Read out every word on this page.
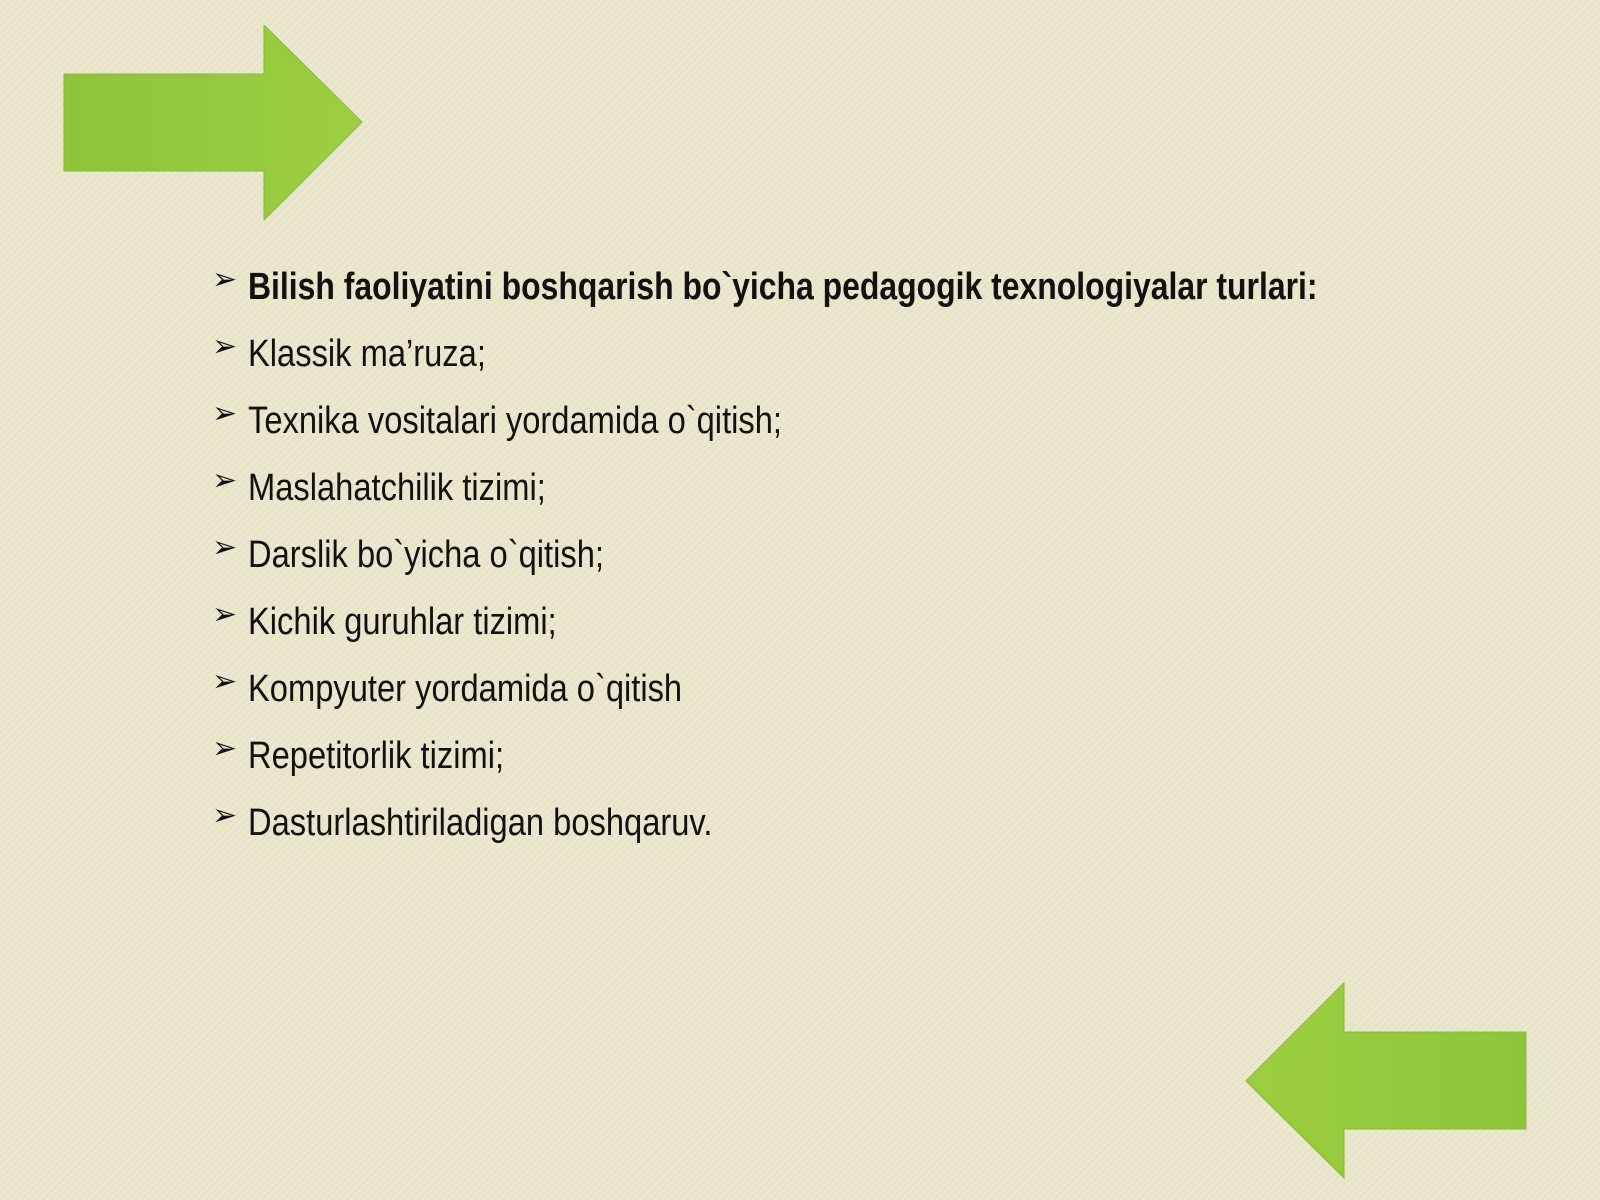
➢ Bilish faoliyatini boshqarish bo`yicha pedagogik texnologiyalar turlari:
➢ Klassik ma’ruza;
➢ Texnika vositalari yordamida o`qitish;
➢ Maslahatchilik tizimi;
➢ Darslik bo`yicha o`qitish;
➢ Kichik guruhlar tizimi;
➢ Kompyuter yordamida o`qitish
➢ Repetitorlik tizimi;
➢ Dasturlashtiriladigan boshqaruv.
